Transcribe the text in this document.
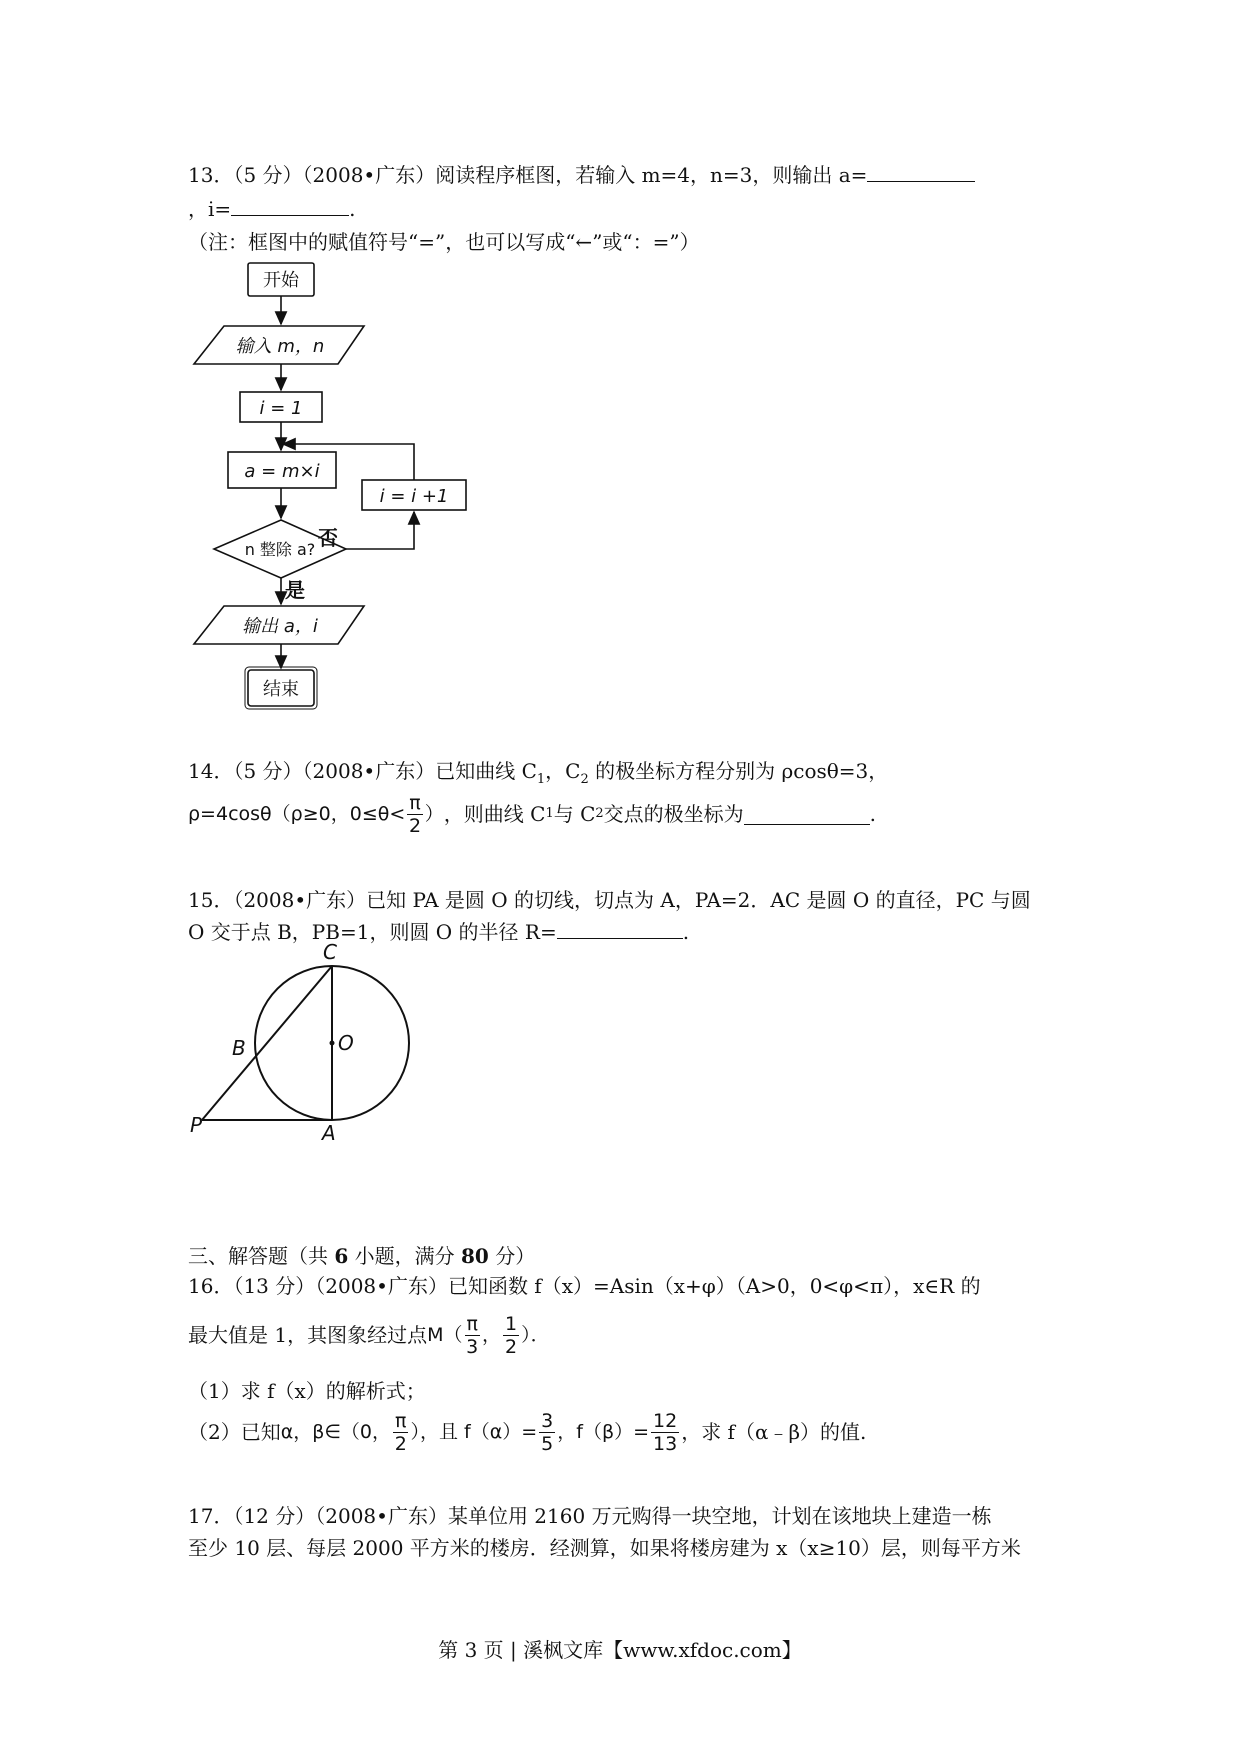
13．（5 分）（2008•广东）阅读程序框图，若输入 m=4，n=3，则输出 a=
，i=	.
（注：框图中的赋值符号“=”，也可以写成“←”或“：=”）
开始
输入 m，n
i = 1
a = m×i
i = i +1
n 整除 a? 否
是
输出 a，i
结束
14．（5 分）（2008•广东）已知曲线 $C_1$，$C_2$ 的极坐标方程分别为 ρcosθ=3，
ρ=4cosθ（ρ≥0，$0\le\theta< \frac{\pi}{2}$ ） ，则曲线 C 1 与 C 2 交点的极坐标为	.
15．（2008•广东）已知 PA 是圆 O 的切线，切点为 A，PA=2．AC 是圆 O 的直径，PC 与圆
O 交于点 B，PB=1，则圆 O 的半径 R=	.
C
O
B
P	A
三、解答题（共 6 小题，满分 80 分）
16．（13 分）（2008•广东）已知函数 f（x）=Asin（x+φ）（A>0，0<φ<π），x∈R 的
最大值是 1，其图象经过点 $M( \frac{\pi}{3}$ ， $\frac{1}{2}$ ）．
（1）求 f（x）的解析式；
（2）已知 α，β∈（0， $\frac{\pi}{2}$ ），且 $f(\alpha)= \frac{3}{5}$ ，$f(\beta)= \frac{12}{13}$ ，求 f（α﹣β）的值.
17．（12 分）（2008•广东）某单位用 2160 万元购得一块空地，计划在该地块上建造一栋
至少 10 层、每层 2000 平方米的楼房．经测算，如果将楼房建为 x（x≥10）层，则每平方米
第 3 页 | 溪枫文库【www.xfdoc.com】
